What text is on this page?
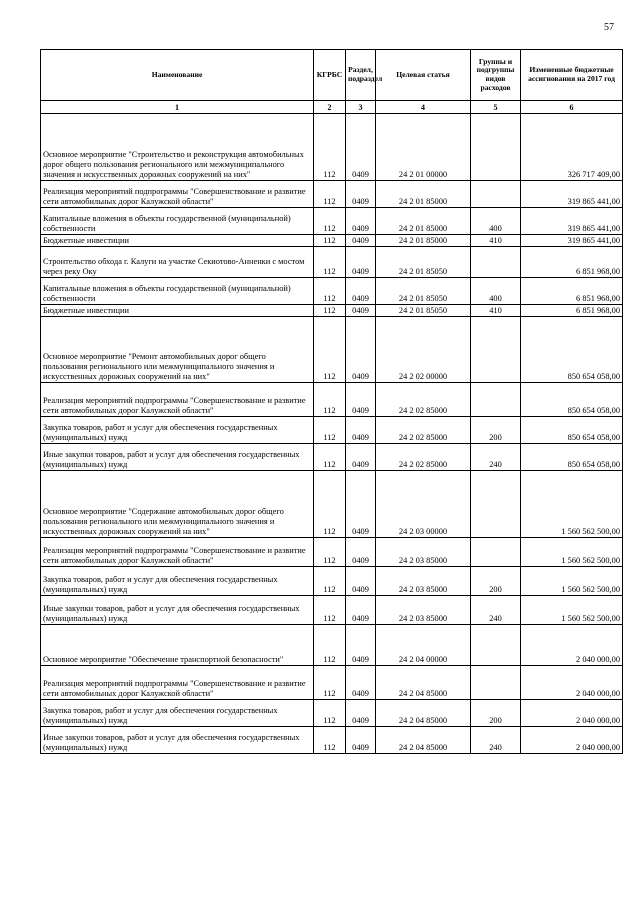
57
Наименование	КГРБС	Раздел, подраздел	Целевая статья	Группы и подгруппы видов расходов	Измененные бюджетные ассигнования на 2017 год
1	2	3	4	5	6
Основное мероприятие "Строительство и реконструкция автомобильных дорог общего пользования регионального или межмуниципального значения и искусственных дорожных сооружений на них"	112	0409	24 2 01 00000		326 717 409,00
Реализация мероприятий подпрограммы "Совершенствование и развитие сети автомобильных дорог Калужской области"	112	0409	24 2 01 85000		319 865 441,00
Капитальные вложения в объекты государственной (муниципальной) собственности	112	0409	24 2 01 85000	400	319 865 441,00
Бюджетные инвестиции	112	0409	24 2 01 85000	410	319 865 441,00
Строительство обхода г. Калуги на участке Секиотово-Анненки с мостом через реку Оку	112	0409	24 2 01 85050		6 851 968,00
Капитальные вложения в объекты государственной (муниципальной) собственности	112	0409	24 2 01 85050	400	6 851 968,00
Бюджетные инвестиции	112	0409	24 2 01 85050	410	6 851 968,00
Основное мероприятие "Ремонт автомобильных дорог общего пользования регионального или межмуниципального значения и искусственных дорожных сооружений на них"	112	0409	24 2 02 00000		850 654 058,00
Реализация мероприятий подпрограммы "Совершенствование и развитие сети автомобильных дорог Калужской области"	112	0409	24 2 02 85000		850 654 058,00
Закупка товаров, работ и услуг для обеспечения государственных (муниципальных) нужд	112	0409	24 2 02 85000	200	850 654 058,00
Иные закупки товаров, работ и услуг для обеспечения государственных (муниципальных) нужд	112	0409	24 2 02 85000	240	850 654 058,00
Основное мероприятие "Содержание автомобильных дорог общего пользования регионального или межмуниципального значения и искусственных дорожных сооружений на них"	112	0409	24 2 03 00000		1 560 562 500,00
Реализация мероприятий подпрограммы "Совершенствование и развитие сети автомобильных дорог Калужской области"	112	0409	24 2 03 85000		1 560 562 500,00
Закупка товаров, работ и услуг для обеспечения государственных (муниципальных) нужд	112	0409	24 2 03 85000	200	1 560 562 500,00
Иные закупки товаров, работ и услуг для обеспечения государственных (муниципальных) нужд	112	0409	24 2 03 85000	240	1 560 562 500,00
Основное мероприятие "Обеспечение транспортной безопасности"	112	0409	24 2 04 00000		2 040 000,00
Реализация мероприятий подпрограммы "Совершенствование и развитие сети автомобильных дорог Калужской области"	112	0409	24 2 04 85000		2 040 000,00
Закупка товаров, работ и услуг для обеспечения государственных (муниципальных) нужд	112	0409	24 2 04 85000	200	2 040 000,00
Иные закупки товаров, работ и услуг для обеспечения государственных (муниципальных) нужд	112	0409	24 2 04 85000	240	2 040 000,00
